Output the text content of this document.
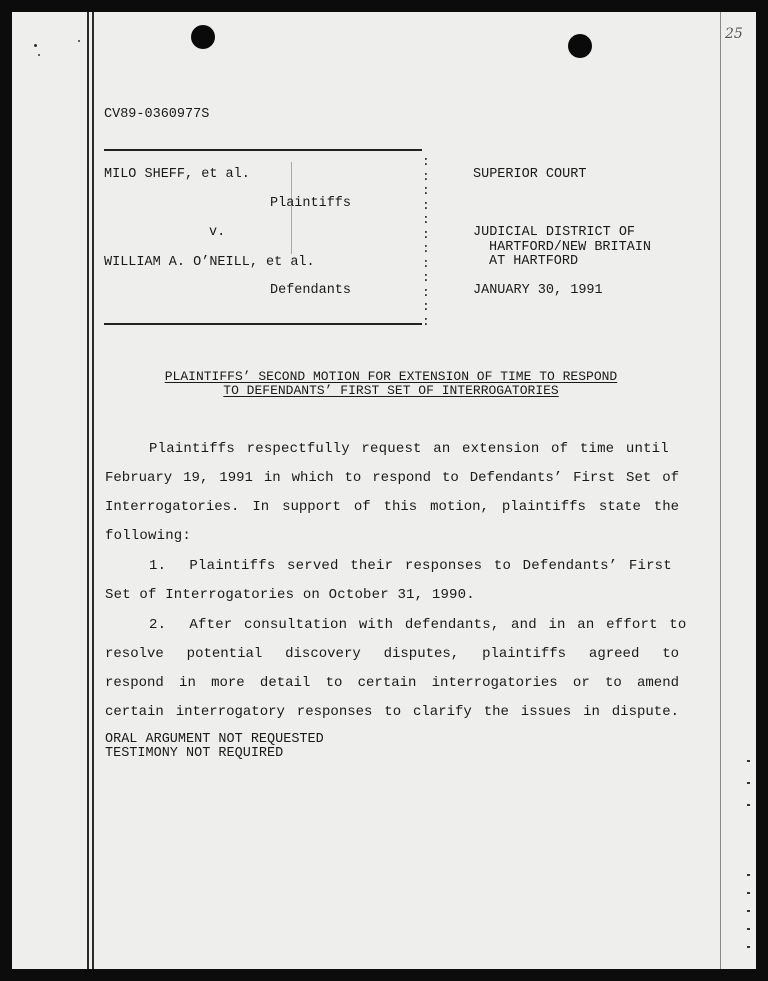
25
CV89-0360977S
MILO SHEFF, et al.
Plaintiffs
v.
WILLIAM A. O’NEILL, et al.
Defendants
:
:
:
:
:
:
:
:
:
:
:
:
SUPERIOR COURT
JUDICIAL DISTRICT OF
HARTFORD/NEW BRITAIN
AT HARTFORD
JANUARY 30, 1991
PLAINTIFFS’ SECOND MOTION FOR EXTENSION OF TIME TO RESPOND
TO DEFENDANTS’ FIRST SET OF INTERROGATORIES
Plaintiffs respectfully request an extension of time until
February 19, 1991 in which to respond to Defendants’ First Set of
Interrogatories. In support of this motion, plaintiffs state the
following:
1.  Plaintiffs served their responses to Defendants’ First
Set of Interrogatories on October 31, 1990.
2.  After consultation with defendants, and in an effort to
resolve potential discovery disputes, plaintiffs agreed to
respond in more detail to certain interrogatories or to amend
certain interrogatory responses to clarify the issues in dispute.
ORAL ARGUMENT NOT REQUESTED
TESTIMONY NOT REQUIRED
